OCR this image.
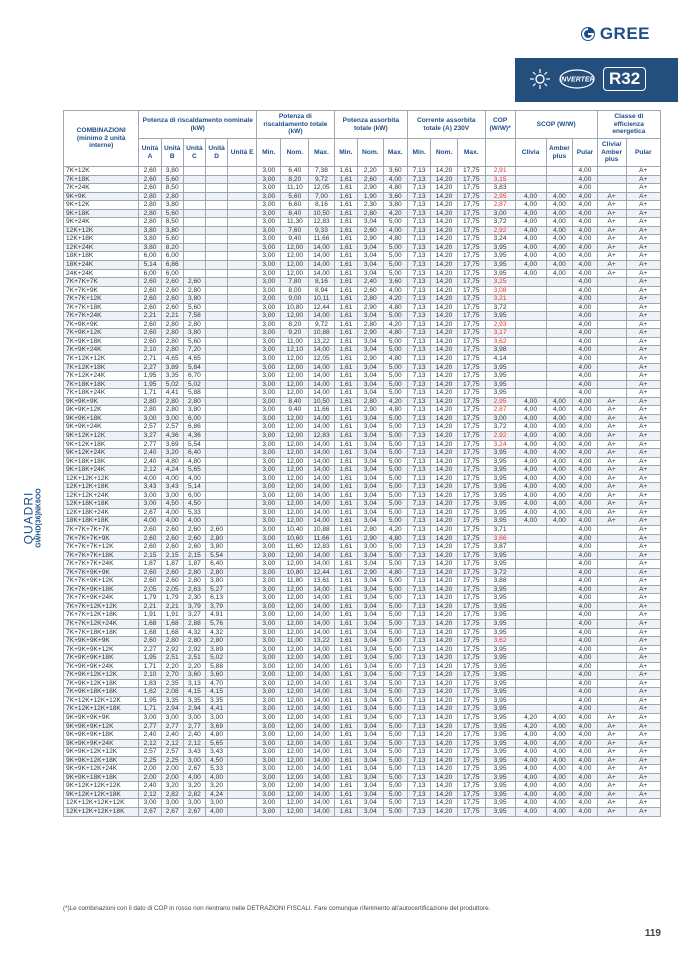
GREE
INVERTER R32
QUADRI GWHD(36)NK6OO
COMBINAZIONI (minimo 2 unità interne)	Potenza di riscaldamento nominale (kW)					Potenza di riscaldamento totale (kW)			Potenza assorbita totale (kW)			Corrente assorbita totale (A) 230V			COP (W/W)*	SCOP (W/W)			Classe di efficienza energetica	
	Unità A	Unità B	Unità C	Unità D	Unità E	Min.	Nom.	Max.	Min.	Nom.	Max.	Min.	Nom.	Max.		Clivia	Amber plus	Pular	Clivia/ Amber plus	Pular
7K+12K	2,60	3,80				3,00	6,40	7,38	1,61	2,20	3,60	7,13	14,20	17,75	2,91			4,00		A+
7K+18K	2,60	5,60				3,00	8,20	9,72	1,61	2,60	4,00	7,13	14,20	17,75	3,15			4,00		A+
7K+24K	2,60	8,50				3,00	11,10	12,05	1,61	2,90	4,80	7,13	14,20	17,75	3,83			4,00		A+
9K+9K	2,80	2,80				3,00	5,60	7,00	1,61	1,90	3,60	7,13	14,20	17,75	2,95	4,00	4,00	4,00	A+	A+
9K+12K	2,80	3,80				3,00	6,60	8,16	1,61	2,30	3,80	7,13	14,20	17,75	2,87	4,00	4,00	4,00	A+	A+
9K+18K	2,80	5,60				3,00	8,40	10,50	1,61	2,80	4,20	7,13	14,20	17,75	3,00	4,00	4,00	4,00	A+	A+
9K+24K	2,80	8,50				3,00	11,30	12,83	1,61	3,04	5,00	7,13	14,20	17,75	3,72	4,00	4,00	4,00	A+	A+
12K+12K	3,80	3,80				3,00	7,60	9,33	1,61	2,60	4,00	7,13	14,20	17,75	2,92	4,00	4,00	4,00	A+	A+
12K+18K	3,80	5,60				3,00	9,40	11,66	1,61	2,90	4,80	7,13	14,20	17,75	3,24	4,00	4,00	4,00	A+	A+
12K+24K	3,80	8,20				3,00	12,00	14,00	1,61	3,04	5,00	7,13	14,20	17,75	3,95	4,00	4,00	4,00	A+	A+
18K+18K	6,00	6,00				3,00	12,00	14,00	1,61	3,04	5,00	7,13	14,20	17,75	3,95	4,00	4,00	4,00	A+	A+
18K+24K	5,14	6,86				3,00	12,00	14,00	1,61	3,04	5,00	7,13	14,20	17,75	3,95	4,00	4,00	4,00	A+	A+
24K+24K	6,00	6,00				3,00	12,00	14,00	1,61	3,04	5,00	7,13	14,20	17,75	3,95	4,00	4,00	4,00	A+	A+
7K+7K+7K	2,60	2,60	2,60			3,00	7,80	8,16	1,61	2,40	3,60	7,13	14,20	17,75	3,25			4,00		A+
7K+7K+9K	2,60	2,60	2,80			3,00	8,00	8,94	1,61	2,60	4,00	7,13	14,20	17,75	3,08			4,00		A+
7K+7K+12K	2,60	2,60	3,80			3,00	9,00	10,11	1,61	2,80	4,20	7,13	14,20	17,75	3,21			4,00		A+
7K+7K+18K	2,60	2,60	5,60			3,00	10,80	12,44	1,61	2,90	4,80	7,13	14,20	17,75	3,72			4,00		A+
7K+7K+24K	2,21	2,21	7,58			3,00	12,00	14,00	1,61	3,04	5,00	7,13	14,20	17,75	3,95			4,00		A+
7K+9K+9K	2,60	2,80	2,80			3,00	8,20	9,72	1,61	2,80	4,20	7,13	14,20	17,75	2,93			4,00		A+
7K+9K+12K	2,60	2,80	3,80			3,00	9,20	10,88	1,61	2,90	4,80	7,13	14,20	17,75	3,17			4,00		A+
7K+9K+18K	2,60	2,80	5,60			3,00	11,00	13,22	1,61	3,04	5,00	7,13	14,20	17,75	3,62			4,00		A+
7K+9K+24K	2,10	2,80	7,20			3,00	12,10	14,00	1,61	3,04	5,00	7,13	14,20	17,75	3,98			4,00		A+
7K+12K+12K	2,71	4,65	4,65			3,00	12,00	12,05	1,61	2,90	4,80	7,13	14,20	17,75	4,14			4,00		A+
7K+12K+18K	2,27	3,89	5,84			3,00	12,00	14,00	1,61	3,04	5,00	7,13	14,20	17,75	3,95			4,00		A+
7K+12K+24K	1,95	3,35	6,70			3,00	12,00	14,00	1,61	3,04	5,00	7,13	14,20	17,75	3,95			4,00		A+
7K+18K+18K	1,95	5,02	5,02			3,00	12,00	14,00	1,61	3,04	5,00	7,13	14,20	17,75	3,95			4,00		A+
7K+18K+24K	1,71	4,41	5,88			3,00	12,00	14,00	1,61	3,04	5,00	7,13	14,20	17,75	3,95			4,00		A+
9K+9K+9K	2,80	2,80	2,80			3,00	8,40	10,50	1,61	2,80	4,20	7,13	14,20	17,75	2,95	4,00	4,00	4,00	A+	A+
9K+9K+12K	2,80	2,80	3,80			3,00	9,40	11,66	1,61	2,90	4,80	7,13	14,20	17,75	2,87	4,00	4,00	4,00	A+	A+
9K+9K+18K	3,00	3,00	6,00			3,00	12,00	14,00	1,61	3,04	5,00	7,13	14,20	17,75	3,00	4,00	4,00	4,00	A+	A+
9K+9K+24K	2,57	2,57	6,86			3,00	12,00	14,00	1,61	3,04	5,00	7,13	14,20	17,75	3,72	4,00	4,00	4,00	A+	A+
9K+12K+12K	3,27	4,36	4,36			3,00	12,00	12,83	1,61	3,04	5,00	7,13	14,20	17,75	2,92	4,00	4,00	4,00	A+	A+
9K+12K+18K	2,77	3,69	5,54			3,00	12,00	14,00	1,61	3,04	5,00	7,13	14,20	17,75	3,24	4,00	4,00	4,00	A+	A+
9K+12K+24K	2,40	3,20	6,40			3,00	12,00	14,00	1,61	3,04	5,00	7,13	14,20	17,75	3,95	4,00	4,00	4,00	A+	A+
9K+18K+18K	2,40	4,80	4,80			3,00	12,00	14,00	1,61	3,04	5,00	7,13	14,20	17,75	3,95	4,00	4,00	4,00	A+	A+
9K+18K+24K	2,12	4,24	5,65			3,00	12,00	14,00	1,61	3,04	5,00	7,13	14,20	17,75	3,95	4,00	4,00	4,00	A+	A+
12K+12K+12K	4,00	4,00	4,00			3,00	12,00	14,00	1,61	3,04	5,00	7,13	14,20	17,75	3,95	4,00	4,00	4,00	A+	A+
12K+12K+18K	3,43	3,43	5,14			3,00	12,00	14,00	1,61	3,04	5,00	7,13	14,20	17,75	3,95	4,00	4,00	4,00	A+	A+
12K+12K+24K	3,00	3,00	6,00			3,00	12,00	14,00	1,61	3,04	5,00	7,13	14,20	17,75	3,95	4,00	4,00	4,00	A+	A+
12K+18K+18K	3,00	4,50	4,50			3,00	12,00	14,00	1,61	3,04	5,00	7,13	14,20	17,75	3,95	4,00	4,00	4,00	A+	A+
12K+18K+24K	2,67	4,00	5,33			3,00	12,00	14,00	1,61	3,04	5,00	7,13	14,20	17,75	3,95	4,00	4,00	4,00	A+	A+
18K+18K+18K	4,00	4,00	4,00			3,00	12,00	14,00	1,61	3,04	5,00	7,13	14,20	17,75	3,95	4,00	4,00	4,00	A+	A+
7K+7K+7K+7K	2,60	2,60	2,60	2,60		3,00	10,40	10,88	1,61	2,80	4,20	7,13	14,20	17,75	3,71			4,00		A+
7K+7K+7K+9K	2,60	2,60	2,60	2,80		3,00	10,60	11,66	1,61	2,90	4,80	7,13	14,20	17,75	3,66			4,00		A+
7K+7K+7K+12K	2,60	2,60	2,60	3,80		3,00	11,60	12,83	1,61	3,00	5,00	7,13	14,20	17,75	3,87			4,00		A+
7K+7K+7K+18K	2,15	2,15	2,15	5,54		3,00	12,00	14,00	1,61	3,04	5,00	7,13	14,20	17,75	3,95			4,00		A+
7K+7K+7K+24K	1,87	1,87	1,87	6,40		3,00	12,00	14,00	1,61	3,04	5,00	7,13	14,20	17,75	3,95			4,00		A+
7K+7K+9K+9K	2,60	2,60	2,80	2,80		3,00	10,80	12,44	1,61	2,90	4,80	7,13	14,20	17,75	3,72			4,00		A+
7K+7K+9K+12K	2,60	2,60	2,80	3,80		3,00	11,80	13,61	1,61	3,04	5,00	7,13	14,20	17,75	3,88			4,00		A+
7K+7K+9K+18K	2,05	2,05	2,63	5,27		3,00	12,00	14,00	1,61	3,04	5,00	7,13	14,20	17,75	3,95			4,00		A+
7K+7K+9K+24K	1,79	1,79	2,30	6,13		3,00	12,00	14,00	1,61	3,04	5,00	7,13	14,20	17,75	3,95			4,00		A+
7K+7K+12K+12K	2,21	2,21	3,79	3,79		3,00	12,00	14,00	1,61	3,04	5,00	7,13	14,20	17,75	3,95			4,00		A+
7K+7K+12K+18K	1,91	1,91	3,27	4,91		3,00	12,00	14,00	1,61	3,04	5,00	7,13	14,20	17,75	3,95			4,00		A+
7K+7K+12K+24K	1,68	1,68	2,88	5,76		3,00	12,00	14,00	1,61	3,04	5,00	7,13	14,20	17,75	3,95			4,00		A+
7K+7K+18K+18K	1,68	1,68	4,32	4,32		3,00	12,00	14,00	1,61	3,04	5,00	7,13	14,20	17,75	3,95			4,00		A+
7K+9K+9K+9K	2,60	2,80	2,80	2,80		3,00	11,00	13,22	1,61	3,04	5,00	7,13	14,20	17,75	3,62			4,00		A+
7K+9K+9K+12K	2,27	2,92	2,92	3,89		3,00	12,00	14,00	1,61	3,04	5,00	7,13	14,20	17,75	3,95			4,00		A+
7K+9K+9K+18K	1,95	2,51	2,51	5,02		3,00	12,00	14,00	1,61	3,04	5,00	7,13	14,20	17,75	3,95			4,00		A+
7K+9K+9K+24K	1,71	2,20	2,20	5,88		3,00	12,00	14,00	1,61	3,04	5,00	7,13	14,20	17,75	3,95			4,00		A+
7K+9K+12K+12K	2,10	2,70	3,60	3,60		3,00	12,00	14,00	1,61	3,04	5,00	7,13	14,20	17,75	3,95			4,00		A+
7K+9K+12K+18K	1,83	2,35	3,13	4,70		3,00	12,00	14,00	1,61	3,04	5,00	7,13	14,20	17,75	3,95			4,00		A+
7K+9K+18K+18K	1,62	2,08	4,15	4,15		3,00	12,00	14,00	1,61	3,04	5,00	7,13	14,20	17,75	3,95			4,00		A+
7K+12K+12K+12K	1,95	3,35	3,35	3,35		3,00	12,00	14,00	1,61	3,04	5,00	7,13	14,20	17,75	3,95			4,00		A+
7K+12K+12K+18K	1,71	2,94	2,94	4,41		3,00	12,00	14,00	1,61	3,04	5,00	7,13	14,20	17,75	3,95			4,00		A+
9K+9K+9K+9K	3,00	3,00	3,00	3,00		3,00	12,00	14,00	1,61	3,04	5,00	7,13	14,20	17,75	3,95	4,20	4,00	4,00	A+	A+
9K+9K+9K+12K	2,77	2,77	2,77	3,69		3,00	12,00	14,00	1,61	3,04	5,00	7,13	14,20	17,75	3,95	4,20	4,00	4,00	A+	A+
9K+9K+9K+18K	2,40	2,40	2,40	4,80		3,00	12,00	14,00	1,61	3,04	5,00	7,13	14,20	17,75	3,95	4,00	4,00	4,00	A+	A+
9K+9K+9K+24K	2,12	2,12	2,12	5,65		3,00	12,00	14,00	1,61	3,04	5,00	7,13	14,20	17,75	3,95	4,00	4,00	4,00	A+	A+
9K+9K+12K+12K	2,57	2,57	3,43	3,43		3,00	12,00	14,00	1,61	3,04	5,00	7,13	14,20	17,75	3,95	4,00	4,00	4,00	A+	A+
9K+9K+12K+18K	2,25	2,25	3,00	4,50		3,00	12,00	14,00	1,61	3,04	5,00	7,13	14,20	17,75	3,95	4,00	4,00	4,00	A+	A+
9K+9K+12K+24K	2,00	2,00	2,67	5,33		3,00	12,00	14,00	1,61	3,04	5,00	7,13	14,20	17,75	3,95	4,00	4,00	4,00	A+	A+
9K+9K+18K+18K	2,00	2,00	4,00	4,00		3,00	12,00	14,00	1,61	3,04	5,00	7,13	14,20	17,75	3,95	4,00	4,00	4,00	A+	A+
9K+12K+12K+12K	2,40	3,20	3,20	3,20		3,00	12,00	14,00	1,61	3,04	5,00	7,13	14,20	17,75	3,95	4,00	4,00	4,00	A+	A+
9K+12K+12K+18K	2,12	2,82	2,82	4,24		3,00	12,00	14,00	1,61	3,04	5,00	7,13	14,20	17,75	3,95	4,00	4,00	4,00	A+	A+
12K+12K+12K+12K	3,00	3,00	3,00	3,00		3,00	12,00	14,00	1,61	3,04	5,00	7,13	14,20	17,75	3,95	4,00	4,00	4,00	A+	A+
12K+12K+12K+18K	2,67	2,67	2,67	4,00		3,00	12,00	14,00	1,61	3,04	5,00	7,13	14,20	17,75	3,95	4,00	4,00	4,00	A+	A+
(*)Le combinazioni con il dato di COP in rosso non rientrano nelle DETRAZIONI FISCALI. Fare comunque riferimento all'autocertificazione del produttore.
119
